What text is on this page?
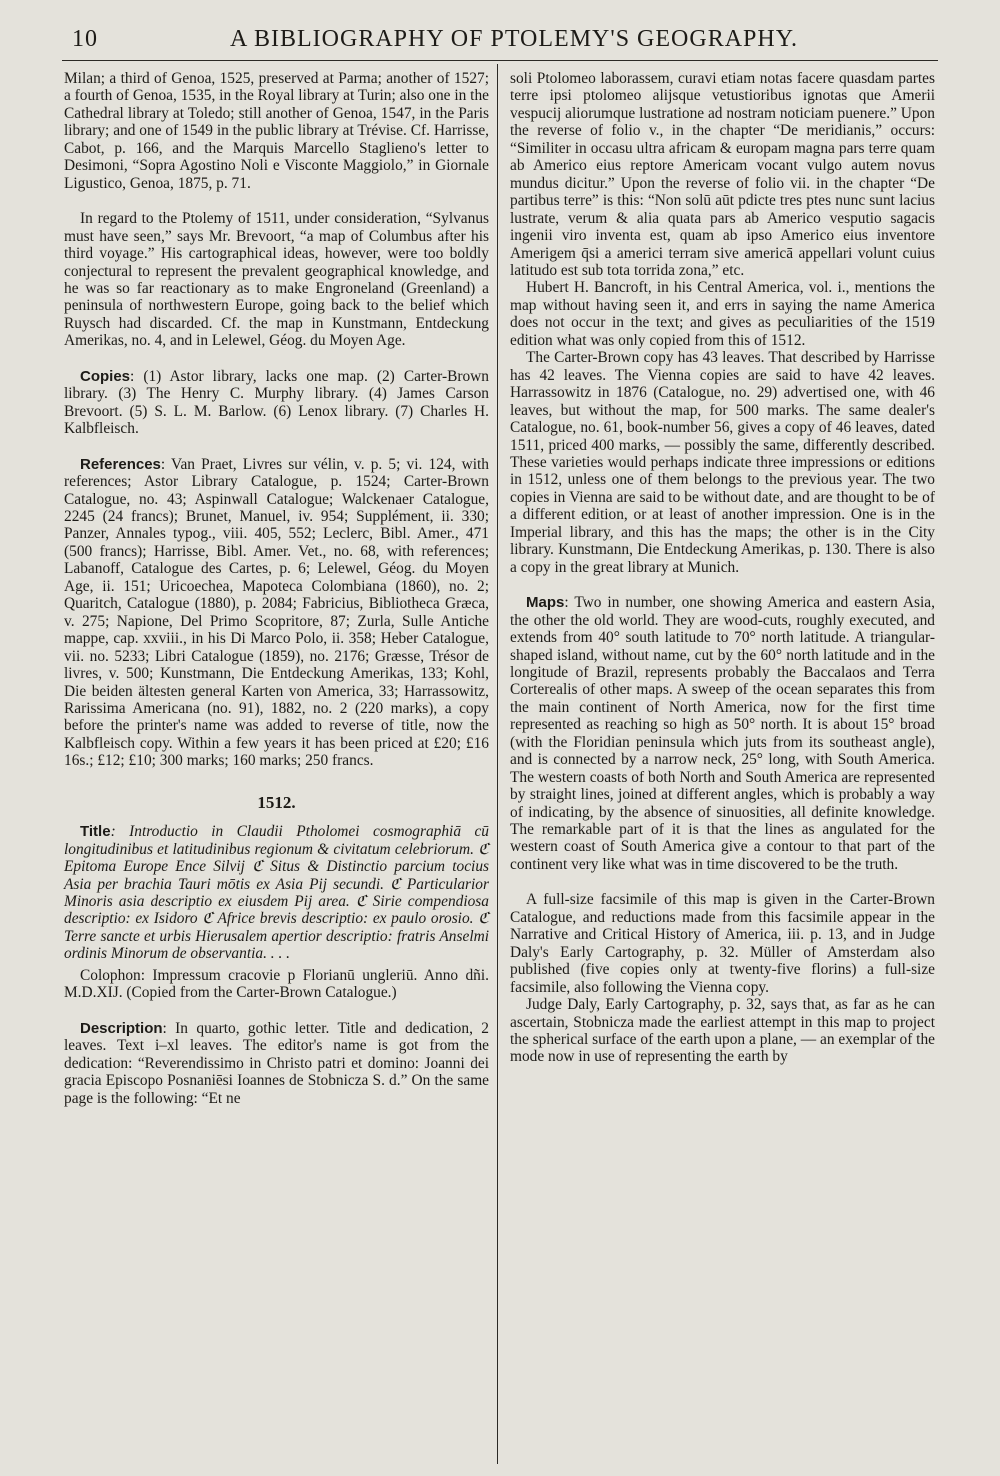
10	A BIBLIOGRAPHY OF PTOLEMY'S GEOGRAPHY.

Milan; a third of Genoa, 1525, preserved at Parma; another of 1527; a fourth of Genoa, 1535, in the Royal library at Turin; also one in the Cathedral library at Toledo; still another of Genoa, 1547, in the Paris library; and one of 1549 in the public library at Trévise. Cf. Harrisse, Cabot, p. 166, and the Marquis Marcello Staglieno's letter to Desimoni, “Sopra Agostino Noli e Visconte Maggiolo,” in Giornale Ligustico, Genoa, 1875, p. 71.

In regard to the Ptolemy of 1511, under consideration, “Sylvanus must have seen,” says Mr. Brevoort, “a map of Columbus after his third voyage.” His cartographical ideas, however, were too boldly conjectural to represent the prevalent geographical knowledge, and he was so far reactionary as to make Engroneland (Greenland) a peninsula of northwestern Europe, going back to the belief which Ruysch had discarded. Cf. the map in Kunstmann, Entdeckung Amerikas, no. 4, and in Lelewel, Géog. du Moyen Age.

Copies: (1) Astor library, lacks one map. (2) Carter-Brown library. (3) The Henry C. Murphy library. (4) James Carson Brevoort. (5) S. L. M. Barlow. (6) Lenox library. (7) Charles H. Kalbfleisch.

References: Van Praet, Livres sur vélin, v. p. 5; vi. 124, with references; Astor Library Catalogue, p. 1524; Carter-Brown Catalogue, no. 43; Aspinwall Catalogue; Walckenaer Catalogue, 2245 (24 francs); Brunet, Manuel, iv. 954; Supplément, ii. 330; Panzer, Annales typog., viii. 405, 552; Leclerc, Bibl. Amer., 471 (500 francs); Harrisse, Bibl. Amer. Vet., no. 68, with references; Labanoff, Catalogue des Cartes, p. 6; Lelewel, Géog. du Moyen Age, ii. 151; Uricoechea, Mapoteca Colombiana (1860), no. 2; Quaritch, Catalogue (1880), p. 2084; Fabricius, Bibliotheca Græca, v. 275; Napione, Del Primo Scopritore, 87; Zurla, Sulle Antiche mappe, cap. xxviii., in his Di Marco Polo, ii. 358; Heber Catalogue, vii. no. 5233; Libri Catalogue (1859), no. 2176; Græsse, Trésor de livres, v. 500; Kunstmann, Die Entdeckung Amerikas, 133; Kohl, Die beiden ältesten general Karten von America, 33; Harrassowitz, Rarissima Americana (no. 91), 1882, no. 2 (220 marks), a copy before the printer's name was added to reverse of title, now the Kalbfleisch copy. Within a few years it has been priced at £20; £16 16s.; £12; £10; 300 marks; 160 marks; 250 francs.

1512.

Title: Introductio in Claudii Ptholomei cosmographiā cū longitudinibus et latitudinibus regionum & civitatum celebriorum. ℭ Epitoma Europe Ence Silvij ℭ Situs & Distinctio parcium tocius Asia per brachia Tauri mōtis ex Asia Pij secundi. ℭ Particularior Minoris asia descriptio ex eiusdem Pij area. ℭ Sirie compendiosa descriptio: ex Isidoro ℭ Africe brevis descriptio: ex paulo orosio. ℭ Terre sancte et urbis Hierusalem apertior descriptio: fratris Anselmi ordinis Minorum de observantia. . . .

Colophon: Impressum cracovie p Florianū ungleriū. Anno dñi. M.D.XIJ. (Copied from the Carter-Brown Catalogue.)

Description: In quarto, gothic letter. Title and dedication, 2 leaves. Text i–xl leaves. The editor's name is got from the dedication: “Reverendissimo in Christo patri et domino: Joanni dei gracia Episcopo Posnaniēsi Ioannes de Stobnicza S. d.” On the same page is the following: “Et ne

soli Ptolomeo laborassem, curavi etiam notas facere quasdam partes terre ipsi ptolomeo alijsque vetustioribus ignotas que Amerii vespucij aliorumque lustratione ad nostram noticiam puenere.” Upon the reverse of folio v., in the chapter “De meridianis,” occurs: “Similiter in occasu ultra africam & europam magna pars terre quam ab Americo eius reptore Americam vocant vulgo autem novus mundus dicitur.” Upon the reverse of folio vii. in the chapter “De partibus terre” is this: “Non solū aūt pdicte tres ptes nunc sunt lacius lustrate, verum & alia quata pars ab Americo vesputio sagacis ingenii viro inventa est, quam ab ipso Americo eius inventore Amerigem q̄si a americi terram sive americā appellari volunt cuius latitudo est sub tota torrida zona,” etc.

Hubert H. Bancroft, in his Central America, vol. i., mentions the map without having seen it, and errs in saying the name America does not occur in the text; and gives as peculiarities of the 1519 edition what was only copied from this of 1512.

The Carter-Brown copy has 43 leaves. That described by Harrisse has 42 leaves. The Vienna copies are said to have 42 leaves. Harrassowitz in 1876 (Catalogue, no. 29) advertised one, with 46 leaves, but without the map, for 500 marks. The same dealer's Catalogue, no. 61, book-number 56, gives a copy of 46 leaves, dated 1511, priced 400 marks, — possibly the same, differently described. These varieties would perhaps indicate three impressions or editions in 1512, unless one of them belongs to the previous year. The two copies in Vienna are said to be without date, and are thought to be of a different edition, or at least of another impression. One is in the Imperial library, and this has the maps; the other is in the City library. Kunstmann, Die Entdeckung Amerikas, p. 130. There is also a copy in the great library at Munich.

Maps: Two in number, one showing America and eastern Asia, the other the old world. They are wood-cuts, roughly executed, and extends from 40° south latitude to 70° north latitude. A triangular-shaped island, without name, cut by the 60° north latitude and in the longitude of Brazil, represents probably the Baccalaos and Terra Corterealis of other maps. A sweep of the ocean separates this from the main continent of North America, now for the first time represented as reaching so high as 50° north. It is about 15° broad (with the Floridian peninsula which juts from its southeast angle), and is connected by a narrow neck, 25° long, with South America. The western coasts of both North and South America are represented by straight lines, joined at different angles, which is probably a way of indicating, by the absence of sinuosities, all definite knowledge. The remarkable part of it is that the lines as angulated for the western coast of South America give a contour to that part of the continent very like what was in time discovered to be the truth.

A full-size facsimile of this map is given in the Carter-Brown Catalogue, and reductions made from this facsimile appear in the Narrative and Critical History of America, iii. p. 13, and in Judge Daly's Early Cartography, p. 32. Müller of Amsterdam also published (five copies only at twenty-five florins) a full-size facsimile, also following the Vienna copy.

Judge Daly, Early Cartography, p. 32, says that, as far as he can ascertain, Stobnicza made the earliest attempt in this map to project the spherical surface of the earth upon a plane, — an exemplar of the mode now in use of representing the earth by
